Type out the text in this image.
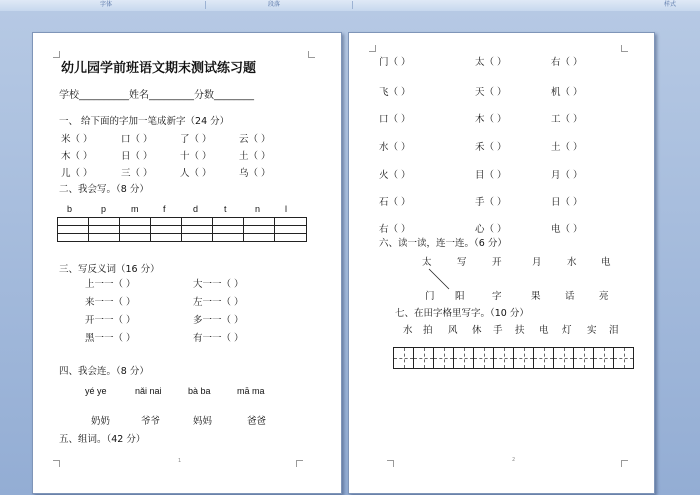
字体	段落	样式
幼儿园学前班语文期末测试练习题
学校__________姓名_________分数________
一、 给下面的字加一笔成新字（24 分）
米（ ）	口（ ）	了（ ）	云（ ）
木（ ）	日（ ）	十（ ）	土（ ）
儿（ ）	三（ ）	人（ ）	乌（ ）
二、我会写。（8 分）
b	p	m	f	d	t	n	l

三、写反义词（16 分）
上一一（ ）	大一一（ ）
来一一（ ）	左一一（ ）
开一一（ ）	多一一（ ）
黑一一（ ）	有一一（ ）
四、我会连。（8 分）
yé ye	nǎi nai	bà ba	mā ma
奶奶	爷爷	妈妈	爸爸
五、组词。（42 分）
1
门（ ）	太（ ）	右（ ）
飞（ ）	天（ ）	机（ ）
口（ ）	木（ ）	工（ ）
水（ ）	禾（ ）	土（ ）
火（ ）	目（ ）	月（ ）
石（ ）	手（ ）	日（ ）
右（ ）	心（ ）	电（ ）
六、读一读，连一连。（6 分）
太	写	开	月	水	电
门 阳	字	果	话	亮
七、在田字格里写字。（10 分）
水 拍 风 休 手 扶 电 灯 实 泪
2
